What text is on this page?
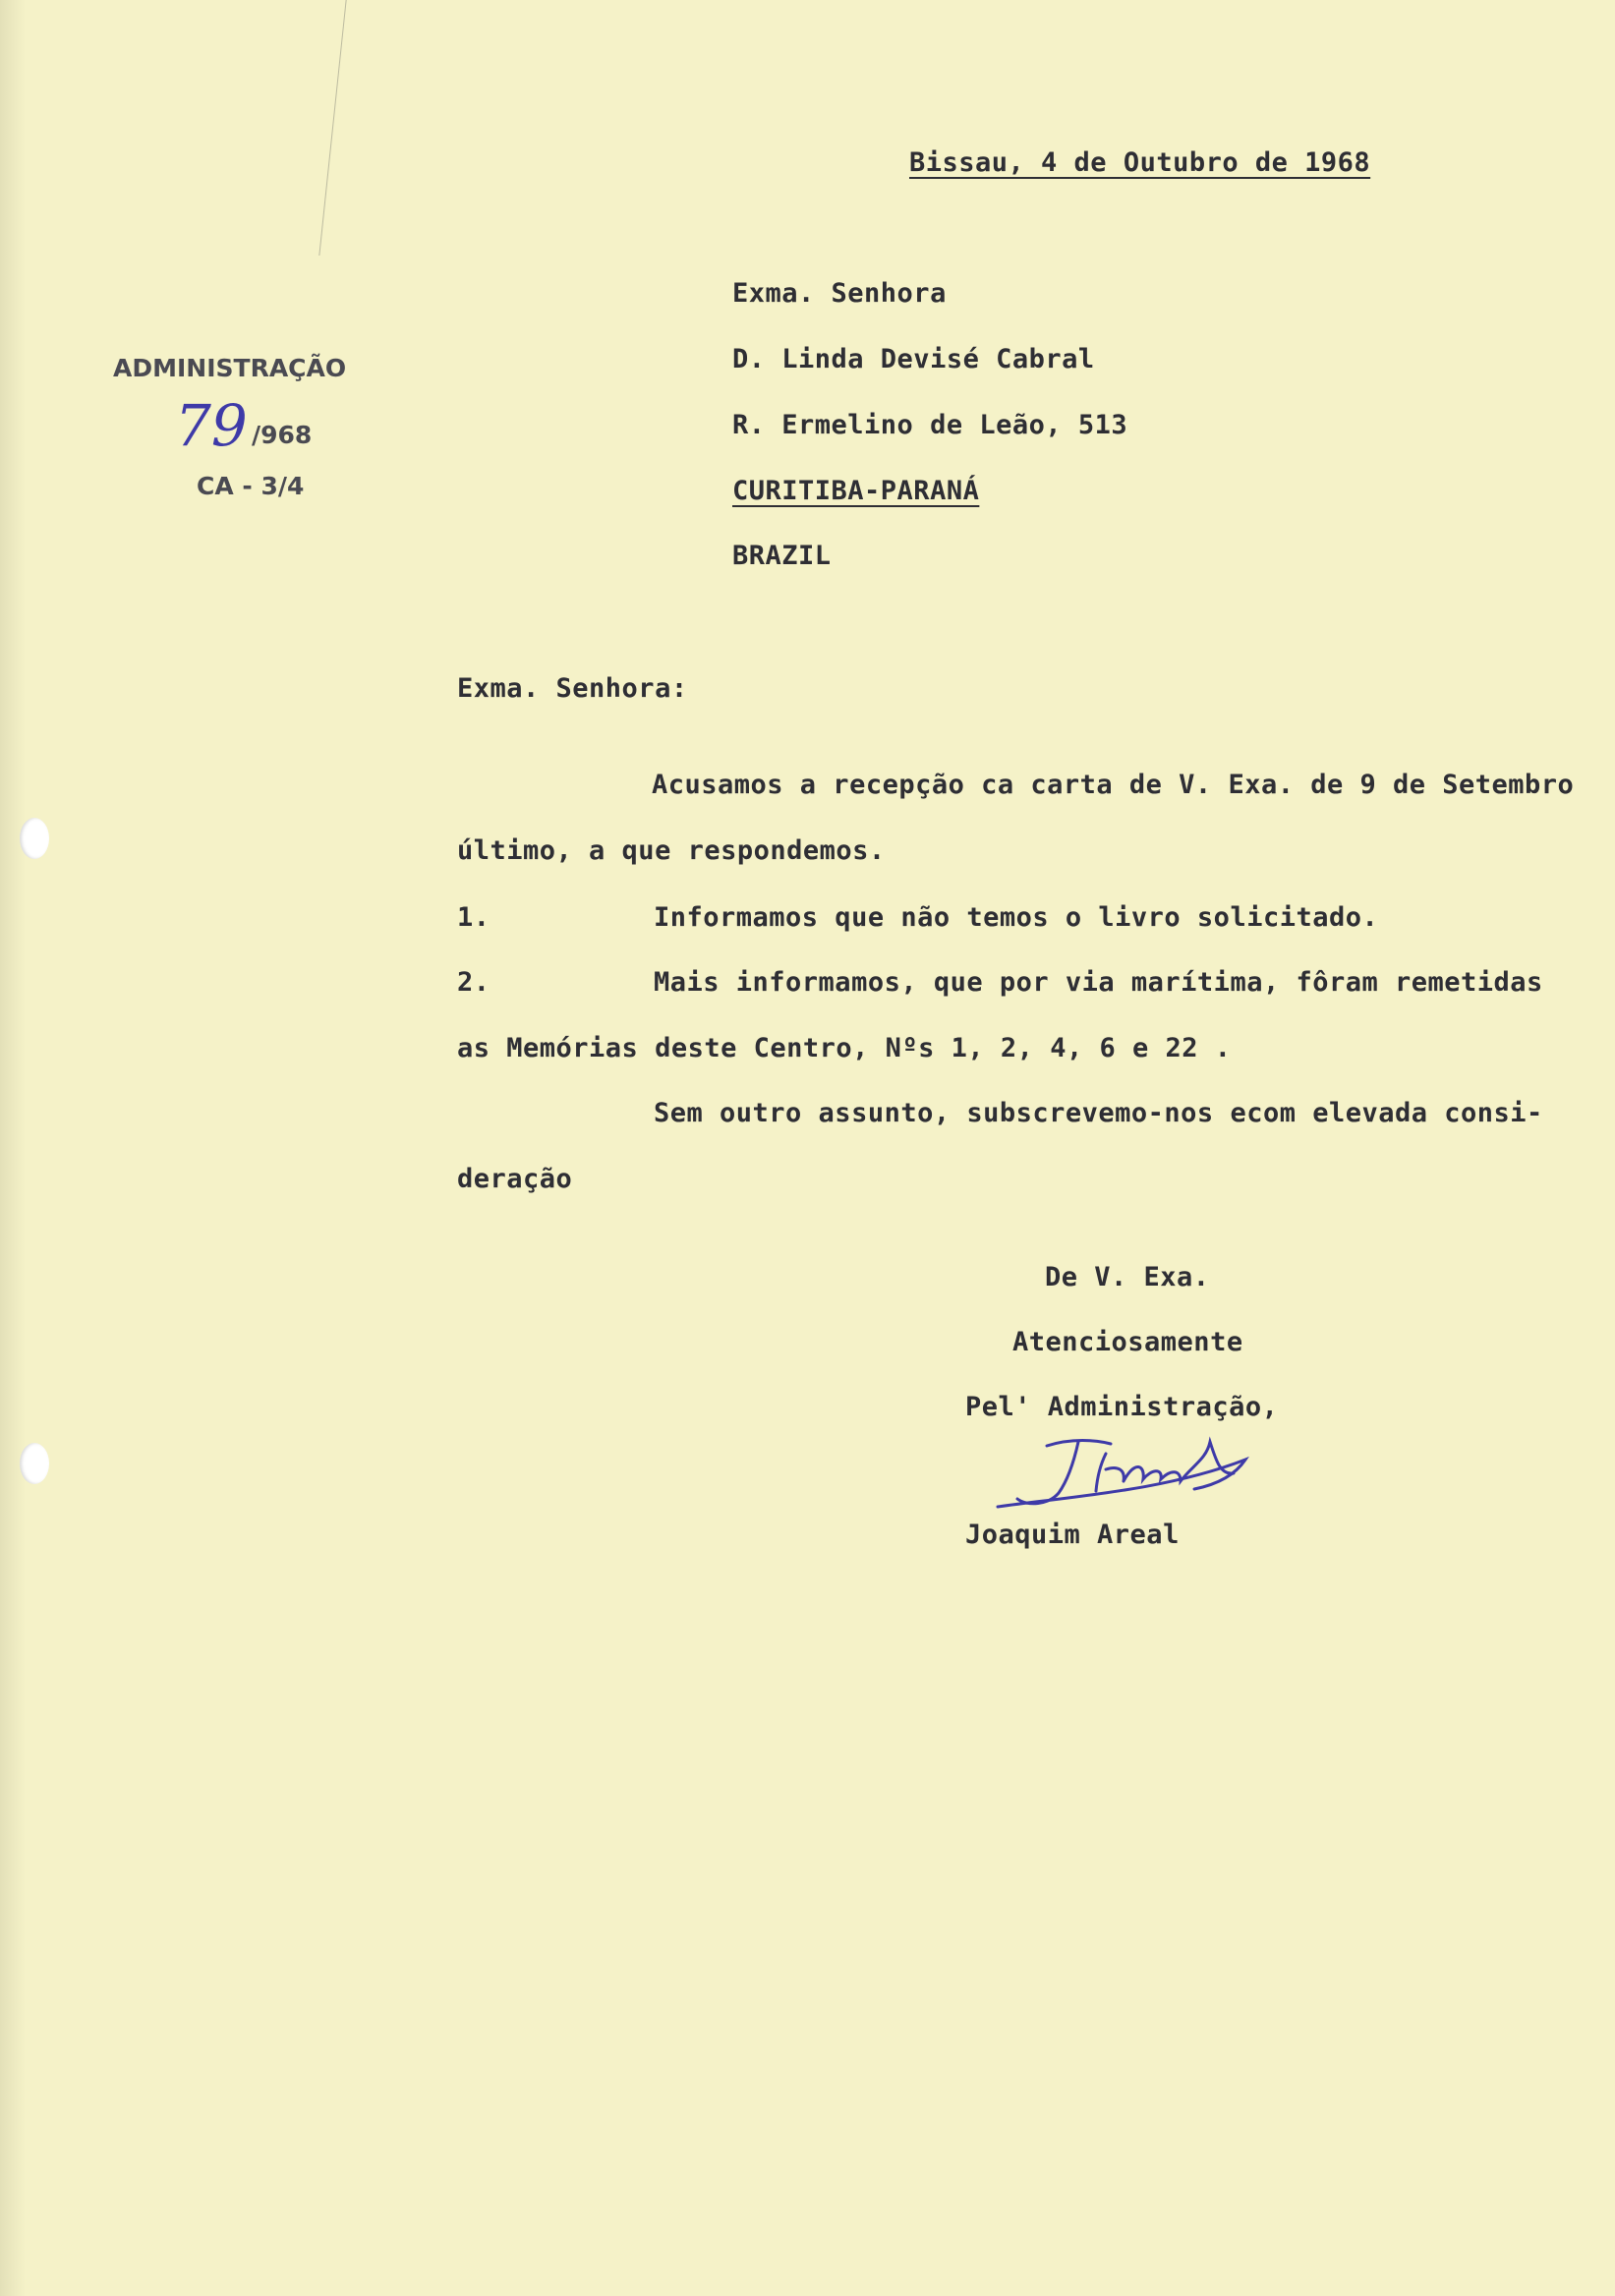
Bissau, 4 de Outubro de 1968
ADMINISTRAÇÃO
79 /968
CA - 3/4
Exma. Senhora
D. Linda Devisé Cabral
R. Ermelino de Leão, 513
CURITIBA-PARANÁ
BRAZIL
Exma. Senhora:
Acusamos a recepção ca carta de V. Exa. de 9 de Setembro
último, a que respondemos.
1.	Informamos que não temos o livro solicitado.
2.	Mais informamos, que por via marítima, fôram remetidas
as Memórias deste Centro, Nºs 1, 2, 4, 6 e 22 .
Sem outro assunto, subscrevemo-nos ecom elevada consi-
deração
De V. Exa.
Atenciosamente
Pel' Administração,
Joaquim Areal
